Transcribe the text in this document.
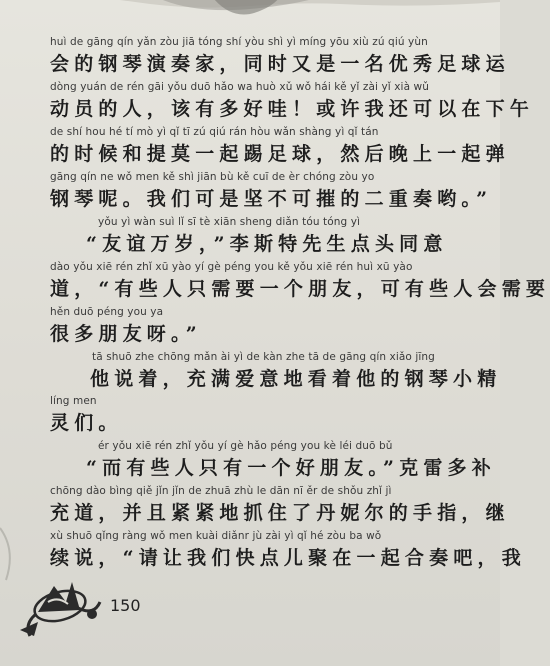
huì de gāng qín yǎn zòu jiā tóng shí yòu shì yì míng yōu xiù zú qiú yùn
会的钢琴演奏家，同时又是一名优秀足球运
dòng yuán de rén gāi yǒu duō hǎo wa huò xǔ wǒ hái kě yǐ zài yǐ xià wǔ
动员的人，该有多好哇！或许我还可以在下午
de shí hou hé tí mò yì qǐ tī zú qiú rán hòu wǎn shàng yì qǐ tán
的时候和提莫一起踢足球，然后晚上一起弹
gāng qín ne wǒ men kě shì jiān bù kě cuī de èr chóng zòu yo
钢琴呢。我们可是坚不可摧的二重奏哟。”
yǒu yì wàn suì lǐ sī tè xiān sheng diǎn tóu tóng yì
“友谊万岁，”李斯特先生点头同意
dào yǒu xiē rén zhǐ xū yào yí gè péng you kě yǒu xiē rén huì xū yào
道，“有些人只需要一个朋友，可有些人会需要
hěn duō péng you ya
很多朋友呀。”
tā shuō zhe chōng mǎn ài yì de kàn zhe tā de gāng qín xiǎo jīng
他说着，充满爱意地看着他的钢琴小精
líng men
灵们。
ér yǒu xiē rén zhǐ yǒu yí gè hǎo péng you kè léi duō bǔ
“而有些人只有一个好朋友。”克雷多补
chōng dào bìng qiě jǐn jǐn de zhuā zhù le dān nī ěr de shǒu zhǐ jì
充道，并且紧紧地抓住了丹妮尔的手指，继
xù shuō qǐng ràng wǒ men kuài diǎnr jù zài yì qǐ hé zòu ba wǒ
续说，“请让我们快点儿聚在一起合奏吧，我
150
